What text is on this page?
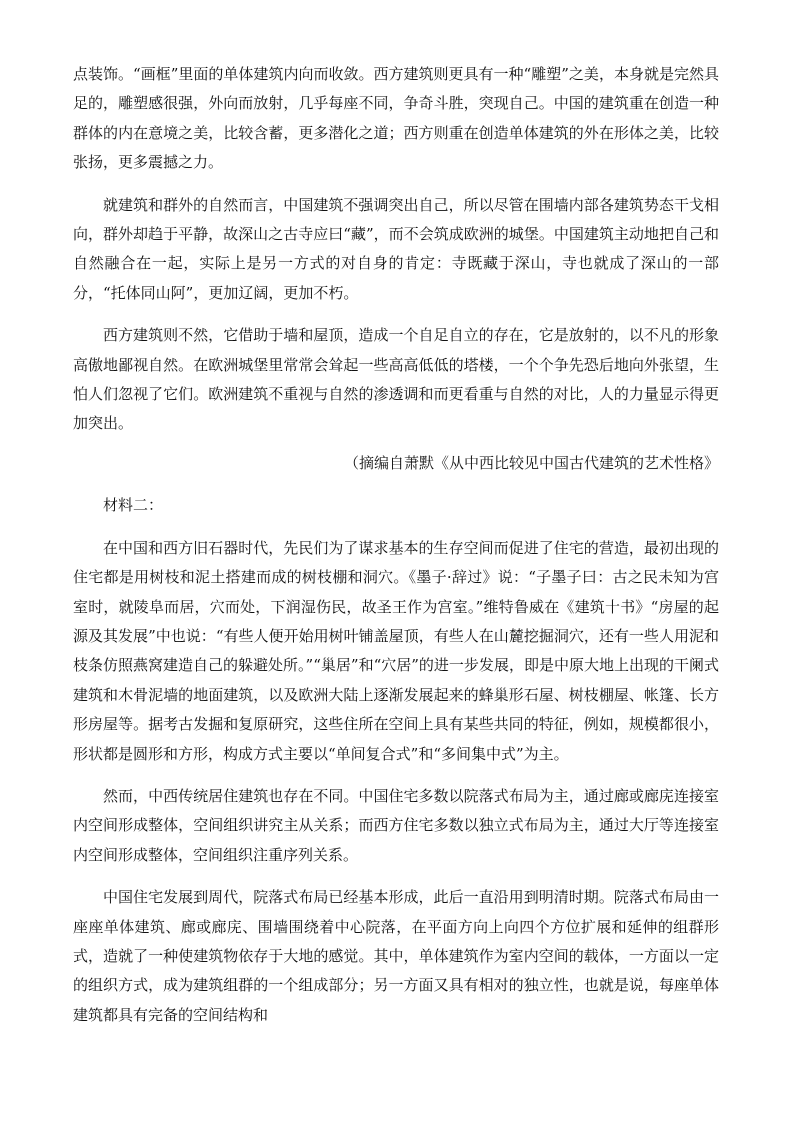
点装饰。“画框”里面的单体建筑内向而收敛。西方建筑则更具有一种“雕塑”之美，本身就是完然具足的，雕塑感很强，外向而放射，几乎每座不同，争奇斗胜，突现自己。中国的建筑重在创造一种群体的内在意境之美，比较含蓄，更多潜化之道；西方则重在创造单体建筑的外在形体之美，比较张扬，更多震撼之力。

就建筑和群外的自然而言，中国建筑不强调突出自己，所以尽管在围墙内部各建筑势态干戈相向，群外却趋于平静，故深山之古寺应曰“藏”，而不会筑成欧洲的城堡。中国建筑主动地把自己和自然融合在一起，实际上是另一方式的对自身的肯定：寺既藏于深山，寺也就成了深山的一部分，“托体同山阿”，更加辽阔，更加不朽。

西方建筑则不然，它借助于墙和屋顶，造成一个自足自立的存在，它是放射的，以不凡的形象高傲地鄙视自然。在欧洲城堡里常常会耸起一些高高低低的塔楼，一个个争先恐后地向外张望，生怕人们忽视了它们。欧洲建筑不重视与自然的渗透调和而更看重与自然的对比，人的力量显示得更加突出。

（摘编自萧默《从中西比较见中国古代建筑的艺术性格》

材料二：

在中国和西方旧石器时代，先民们为了谋求基本的生存空间而促进了住宅的营造，最初出现的住宅都是用树枝和泥土搭建而成的树枝棚和洞穴。《墨子·辞过》说：“子墨子曰：古之民未知为宫室时，就陵阜而居，穴而处，下润湿伤民，故圣王作为宫室。”维特鲁威在《建筑十书》“房屋的起源及其发展”中也说：“有些人便开始用树叶铺盖屋顶，有些人在山麓挖掘洞穴，还有一些人用泥和枝条仿照燕窝建造自己的躲避处所。”“巢居”和“穴居”的进一步发展，即是中原大地上出现的干阑式建筑和木骨泥墙的地面建筑，以及欧洲大陆上逐渐发展起来的蜂巢形石屋、树枝棚屋、帐篷、长方形房屋等。据考古发掘和复原研究，这些住所在空间上具有某些共同的特征，例如，规模都很小，形状都是圆形和方形，构成方式主要以“单间复合式”和“多间集中式”为主。

然而，中西传统居住建筑也存在不同。中国住宅多数以院落式布局为主，通过廊或廊庑连接室内空间形成整体，空间组织讲究主从关系；而西方住宅多数以独立式布局为主，通过大厅等连接室内空间形成整体，空间组织注重序列关系。

中国住宅发展到周代，院落式布局已经基本形成，此后一直沿用到明清时期。院落式布局由一座座单体建筑、廊或廊庑、围墙围绕着中心院落，在平面方向上向四个方位扩展和延伸的组群形式，造就了一种使建筑物依存于大地的感觉。其中，单体建筑作为室内空间的载体，一方面以一定的组织方式，成为建筑组群的一个组成部分；另一方面又具有相对的独立性，也就是说，每座单体建筑都具有完备的空间结构和
